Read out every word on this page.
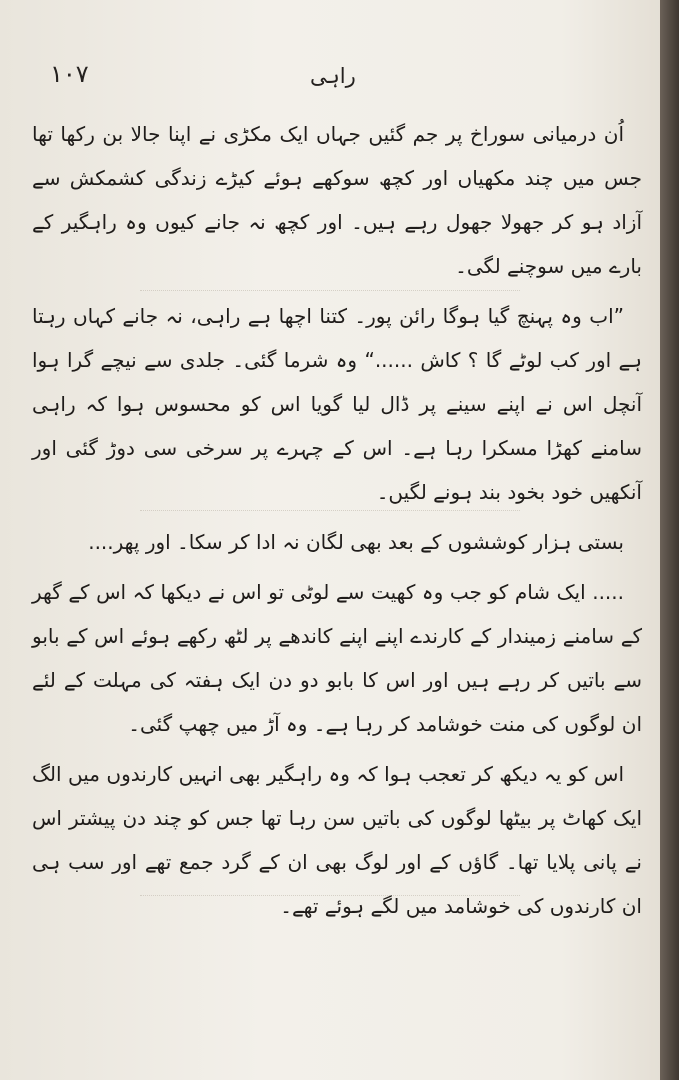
۱۰۷	راہی

اُن درمیانی سوراخ پر جم گئیں جہاں ایک مکڑی نے اپنا جالا بن رکھا تھا جس میں چند مکھیاں اور کچھ سوکھے ہوئے کیڑے زندگی کشمکش سے آزاد ہو کر جھولا جھول رہے ہیں۔ اور کچھ نہ جانے کیوں وہ راہگیر کے بارے میں سوچنے لگی۔

”اب وہ پہنچ گیا ہوگا رائن پور۔ کتنا اچھا ہے راہی، نہ جانے کہاں رہتا ہے اور کب لوٹے گا ؟ کاش ......“ وہ شرما گئی۔ جلدی سے نیچے گرا ہوا آنچل اس نے اپنے سینے پر ڈال لیا گویا اس کو محسوس ہوا کہ راہی سامنے کھڑا مسکرا رہا ہے۔ اس کے چہرے پر سرخی سی دوڑ گئی اور آنکھیں خود بخود بند ہونے لگیں۔

بستی ہزار کوششوں کے بعد بھی لگان نہ ادا کر سکا۔ اور پھر....

..... ایک شام کو جب وہ کھیت سے لوٹی تو اس نے دیکھا کہ اس کے گھر کے سامنے زمیندار کے کارندے اپنے اپنے کاندھے پر لٹھ رکھے ہوئے اس کے بابو سے باتیں کر رہے ہیں اور اس کا بابو دو دن ایک ہفتہ کی مہلت کے لئے ان لوگوں کی منت خوشامد کر رہا ہے۔ وہ آڑ میں چھپ گئی۔

اس کو یہ دیکھ کر تعجب ہوا کہ وہ راہگیر بھی انہیں کارندوں میں الگ ایک کھاٹ پر بیٹھا لوگوں کی باتیں سن رہا تھا جس کو چند دن پیشتر اس نے پانی پلایا تھا۔ گاؤں کے اور لوگ بھی ان کے گرد جمع تھے اور سب ہی ان کارندوں کی خوشامد میں لگے ہوئے تھے۔
